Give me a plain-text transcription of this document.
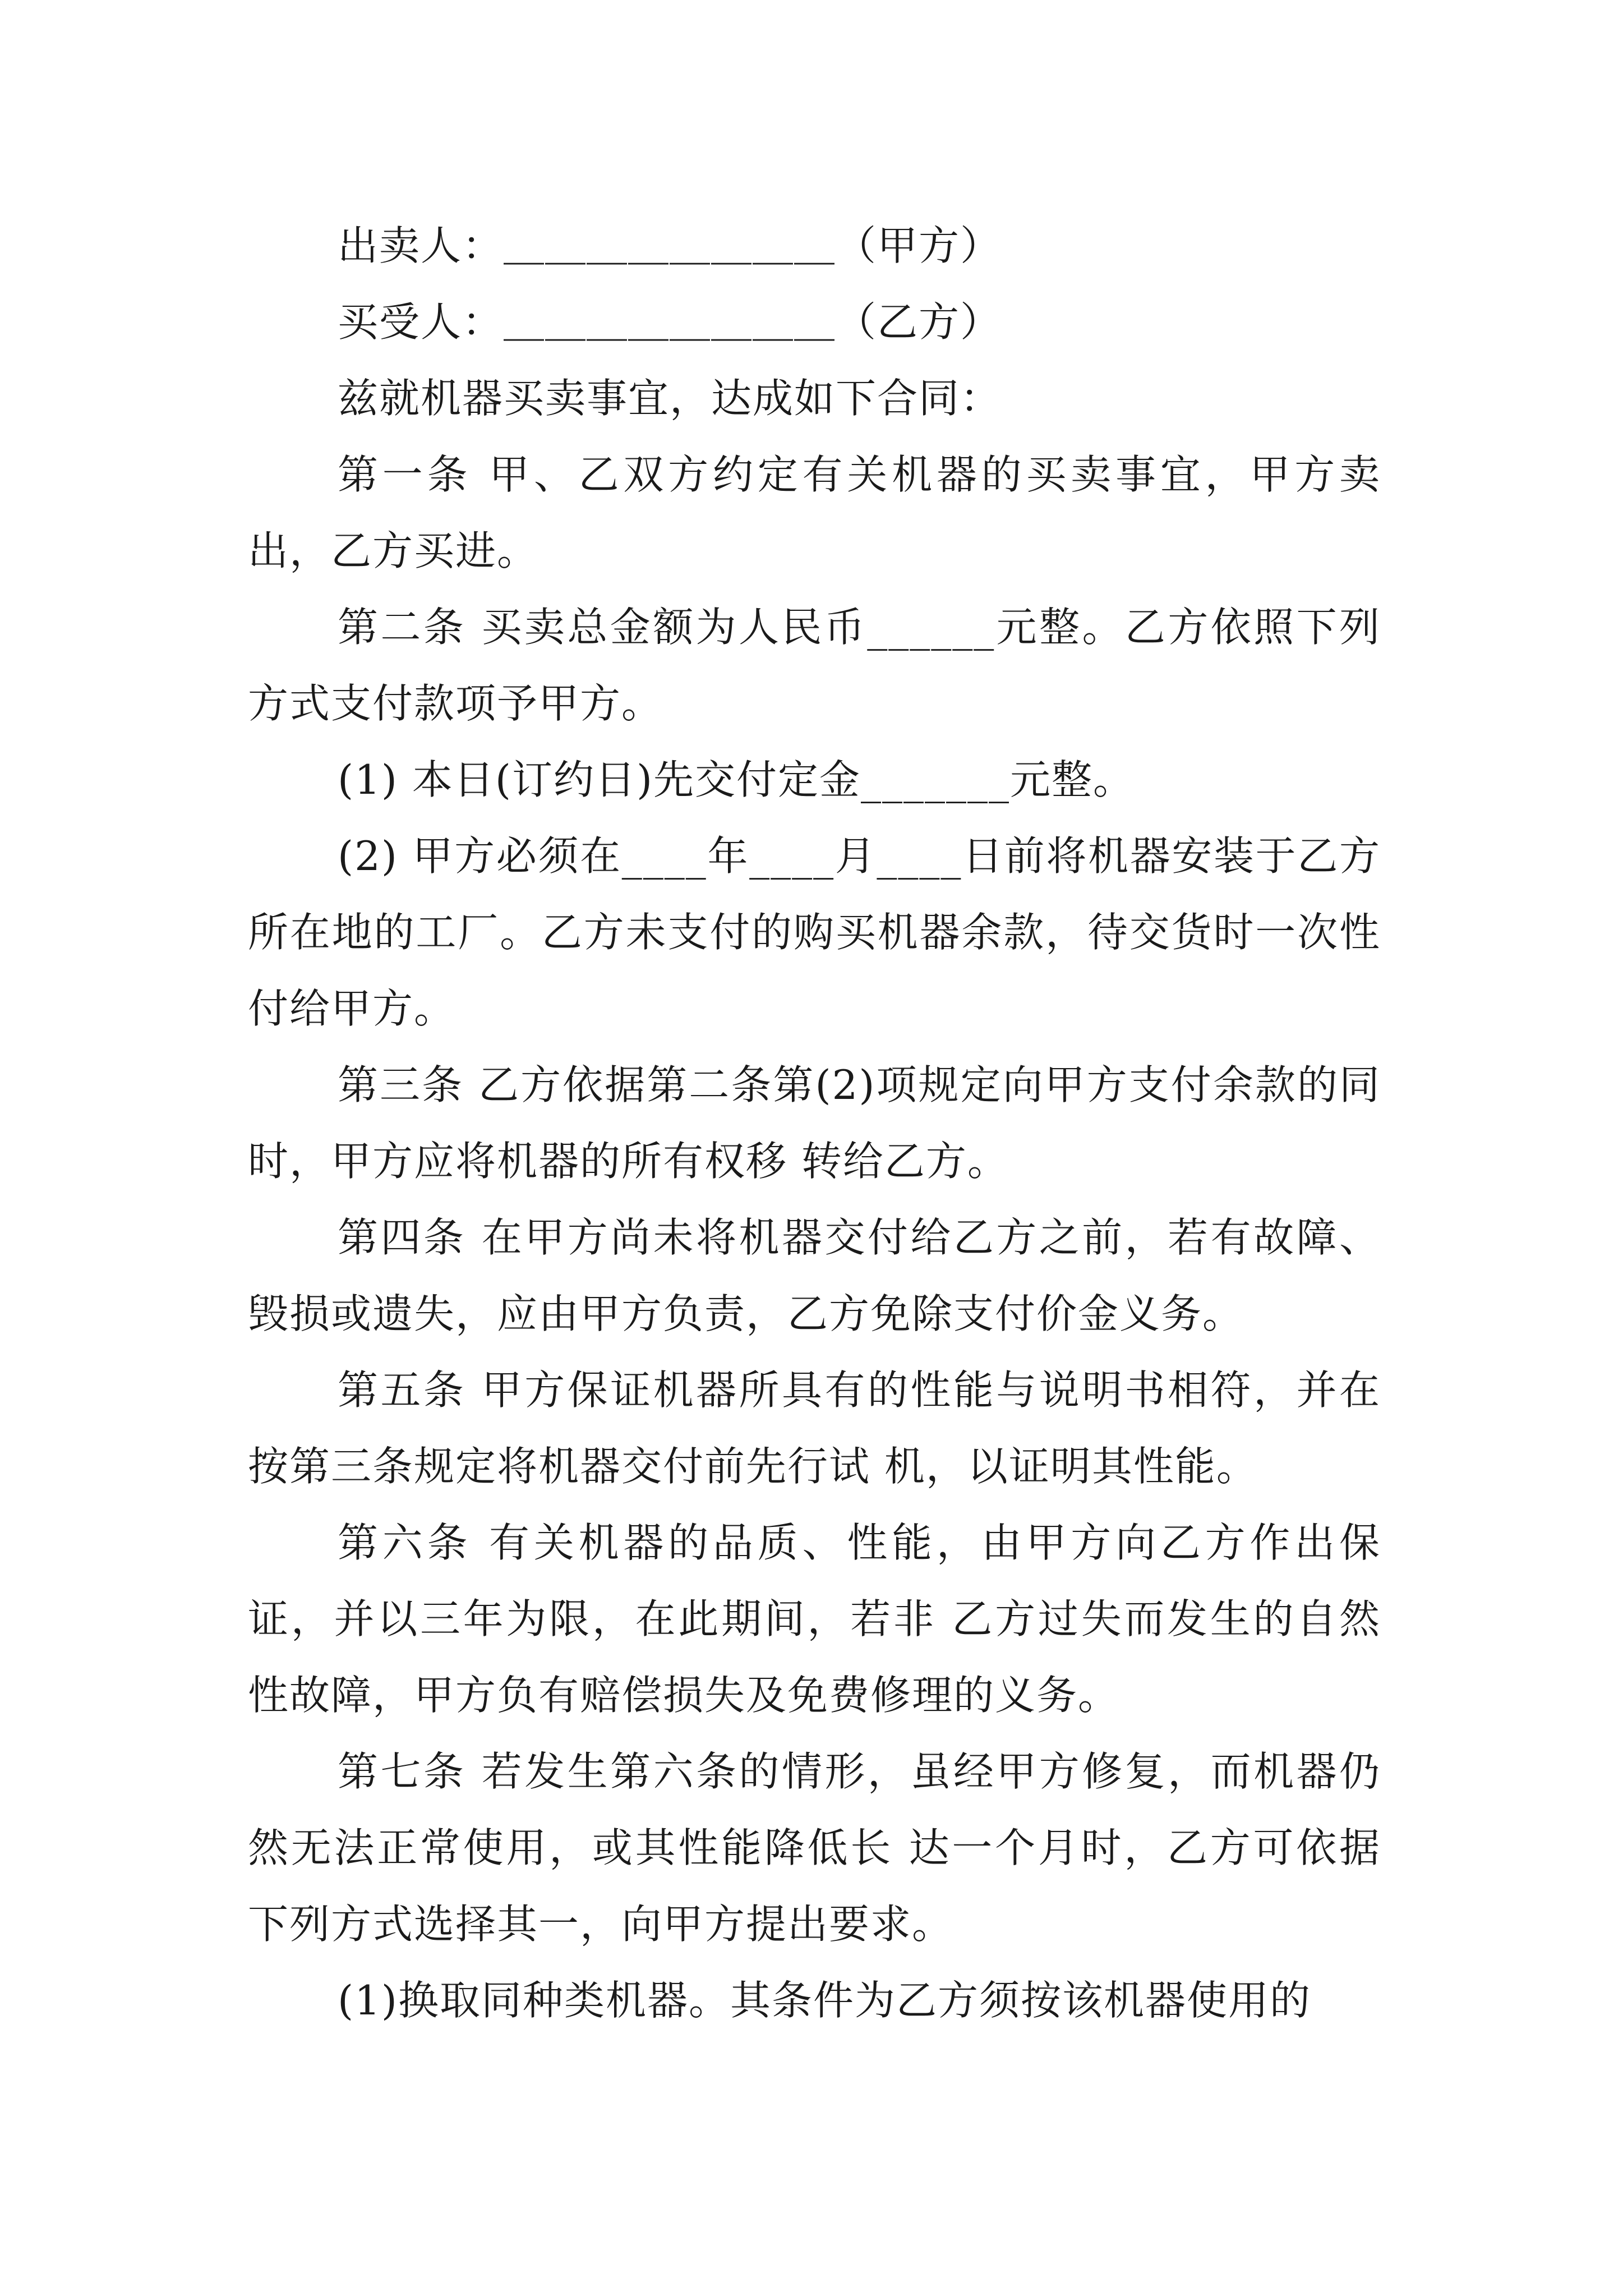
出卖人：＿＿＿＿＿＿＿＿（甲方）

买受人：＿＿＿＿＿＿＿＿（乙方）

兹就机器买卖事宜，达成如下合同：

第一条 甲、乙双方约定有关机器的买卖事宜，甲方卖出，乙方买进。

第二条 买卖总金额为人民币______元整。乙方依照下列方式支付款项予甲方。

(1) 本日(订约日)先交付定金_______元整。

(2) 甲方必须在____年____月____日前将机器安装于乙方所在地的工厂。乙方未支付的购买机器余款，待交货时一次性付给甲方。

第三条 乙方依据第二条第(2)项规定向甲方支付余款的同时，甲方应将机器的所有权移 转给乙方。

第四条 在甲方尚未将机器交付给乙方之前，若有故障、毁损或遗失，应由甲方负责，乙方免除支付价金义务。

第五条 甲方保证机器所具有的性能与说明书相符，并在按第三条规定将机器交付前先行试 机，以证明其性能。

第六条 有关机器的品质、性能，由甲方向乙方作出保证，并以三年为限，在此期间，若非 乙方过失而发生的自然性故障，甲方负有赔偿损失及免费修理的义务。

第七条 若发生第六条的情形，虽经甲方修复，而机器仍然无法正常使用，或其性能降低长 达一个月时，乙方可依据下列方式选择其一，向甲方提出要求。

(1)换取同种类机器。其条件为乙方须按该机器使用的
